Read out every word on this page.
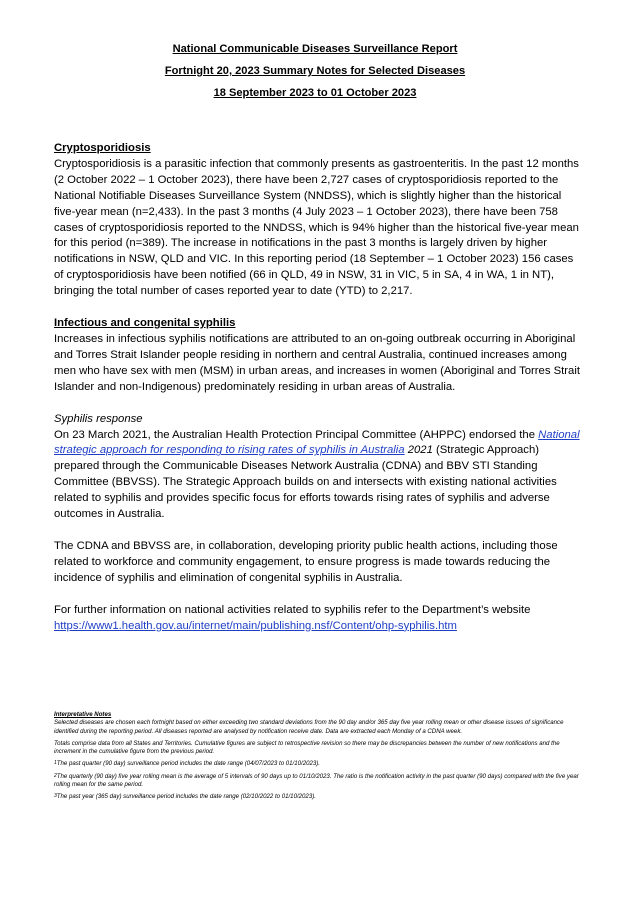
National Communicable Diseases Surveillance Report
Fortnight 20, 2023 Summary Notes for Selected Diseases
18 September 2023 to 01 October 2023

Cryptosporidiosis

Cryptosporidiosis is a parasitic infection that commonly presents as gastroenteritis. In the past 12 months (2 October 2022 – 1 October 2023), there have been 2,727 cases of cryptosporidiosis reported to the National Notifiable Diseases Surveillance System (NNDSS), which is slightly higher than the historical five-year mean (n=2,433). In the past 3 months (4 July 2023 – 1 October 2023), there have been 758 cases of cryptosporidiosis reported to the NNDSS, which is 94% higher than the historical five-year mean for this period (n=389). The increase in notifications in the past 3 months is largely driven by higher notifications in NSW, QLD and VIC. In this reporting period (18 September – 1 October 2023) 156 cases of cryptosporidiosis have been notified (66 in QLD, 49 in NSW, 31 in VIC, 5 in SA, 4 in WA, 1 in NT), bringing the total number of cases reported year to date (YTD) to 2,217.

Infectious and congenital syphilis

Increases in infectious syphilis notifications are attributed to an on-going outbreak occurring in Aboriginal and Torres Strait Islander people residing in northern and central Australia, continued increases among men who have sex with men (MSM) in urban areas, and increases in women (Aboriginal and Torres Strait Islander and non-Indigenous) predominately residing in urban areas of Australia.

Syphilis response

On 23 March 2021, the Australian Health Protection Principal Committee (AHPPC) endorsed the National strategic approach for responding to rising rates of syphilis in Australia 2021 (Strategic Approach) prepared through the Communicable Diseases Network Australia (CDNA) and BBV STI Standing Committee (BBVSS). The Strategic Approach builds on and intersects with existing national activities related to syphilis and provides specific focus for efforts towards rising rates of syphilis and adverse outcomes in Australia.

The CDNA and BBVSS are, in collaboration, developing priority public health actions, including those related to workforce and community engagement, to ensure progress is made towards reducing the incidence of syphilis and elimination of congenital syphilis in Australia.

For further information on national activities related to syphilis refer to the Department’s website

https://www1.health.gov.au/internet/main/publishing.nsf/Content/ohp-syphilis.htm

Interpretative Notes

Selected diseases are chosen each fortnight based on either exceeding two standard deviations from the 90 day and/or 365 day five year rolling mean or other disease issues of significance identified during the reporting period. All diseases reported are analysed by notification receive date. Data are extracted each Monday of a CDNA week.

Totals comprise data from all States and Territories. Cumulative figures are subject to retrospective revision so there may be discrepancies between the number of new notifications and the increment in the cumulative figure from the previous period.

$^1$The past quarter (90 day) surveillance period includes the date range (04/07/2023 to 01/10/2023).

$^2$The quarterly (90 day) five year rolling mean is the average of 5 intervals of 90 days up to 01/10/2023. The ratio is the notification activity in the past quarter (90 days) compared with the five year rolling mean for the same period.

$^3$The past year (365 day) surveillance period includes the date range (02/10/2022 to 01/10/2023).
